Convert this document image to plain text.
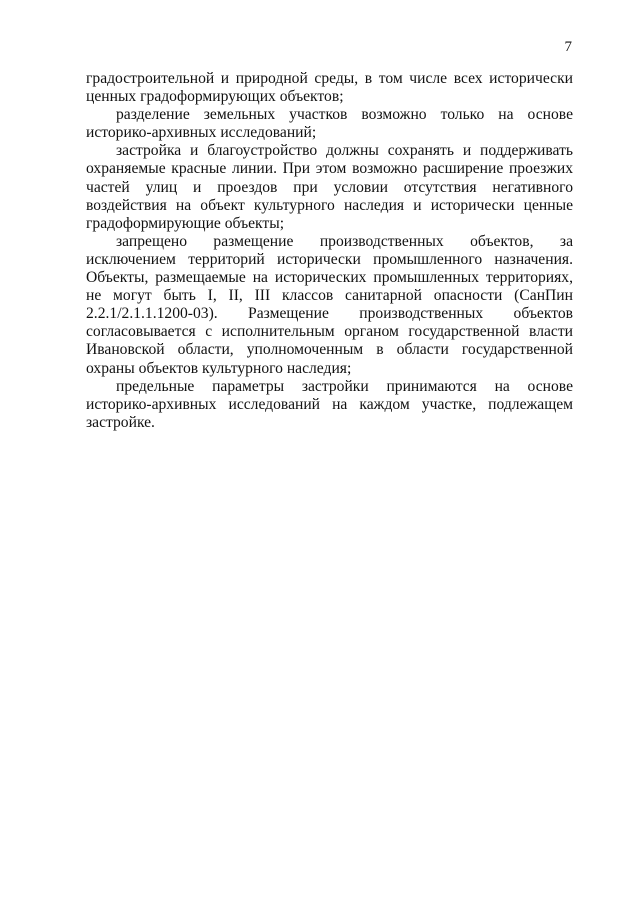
7

градостроительной и природной среды, в том числе всех исторически ценных градоформирующих объектов;

разделение земельных участков возможно только на основе историко-архивных исследований;

застройка и благоустройство должны сохранять и поддерживать охраняемые красные линии. При этом возможно расширение проезжих частей улиц и проездов при условии отсутствия негативного воздействия на объект культурного наследия и исторически ценные градоформирующие объекты;

запрещено размещение производственных объектов, за исключением территорий исторически промышленного назначения. Объекты, размещаемые на исторических промышленных территориях, не могут быть I, II, III классов санитарной опасности (СанПин 2.2.1/2.1.1.1200-03). Размещение производственных объектов согласовывается с исполнительным органом государственной власти Ивановской области, уполномоченным в области государственной охраны объектов культурного наследия;

предельные параметры застройки принимаются на основе историко-архивных исследований на каждом участке, подлежащем застройке.
